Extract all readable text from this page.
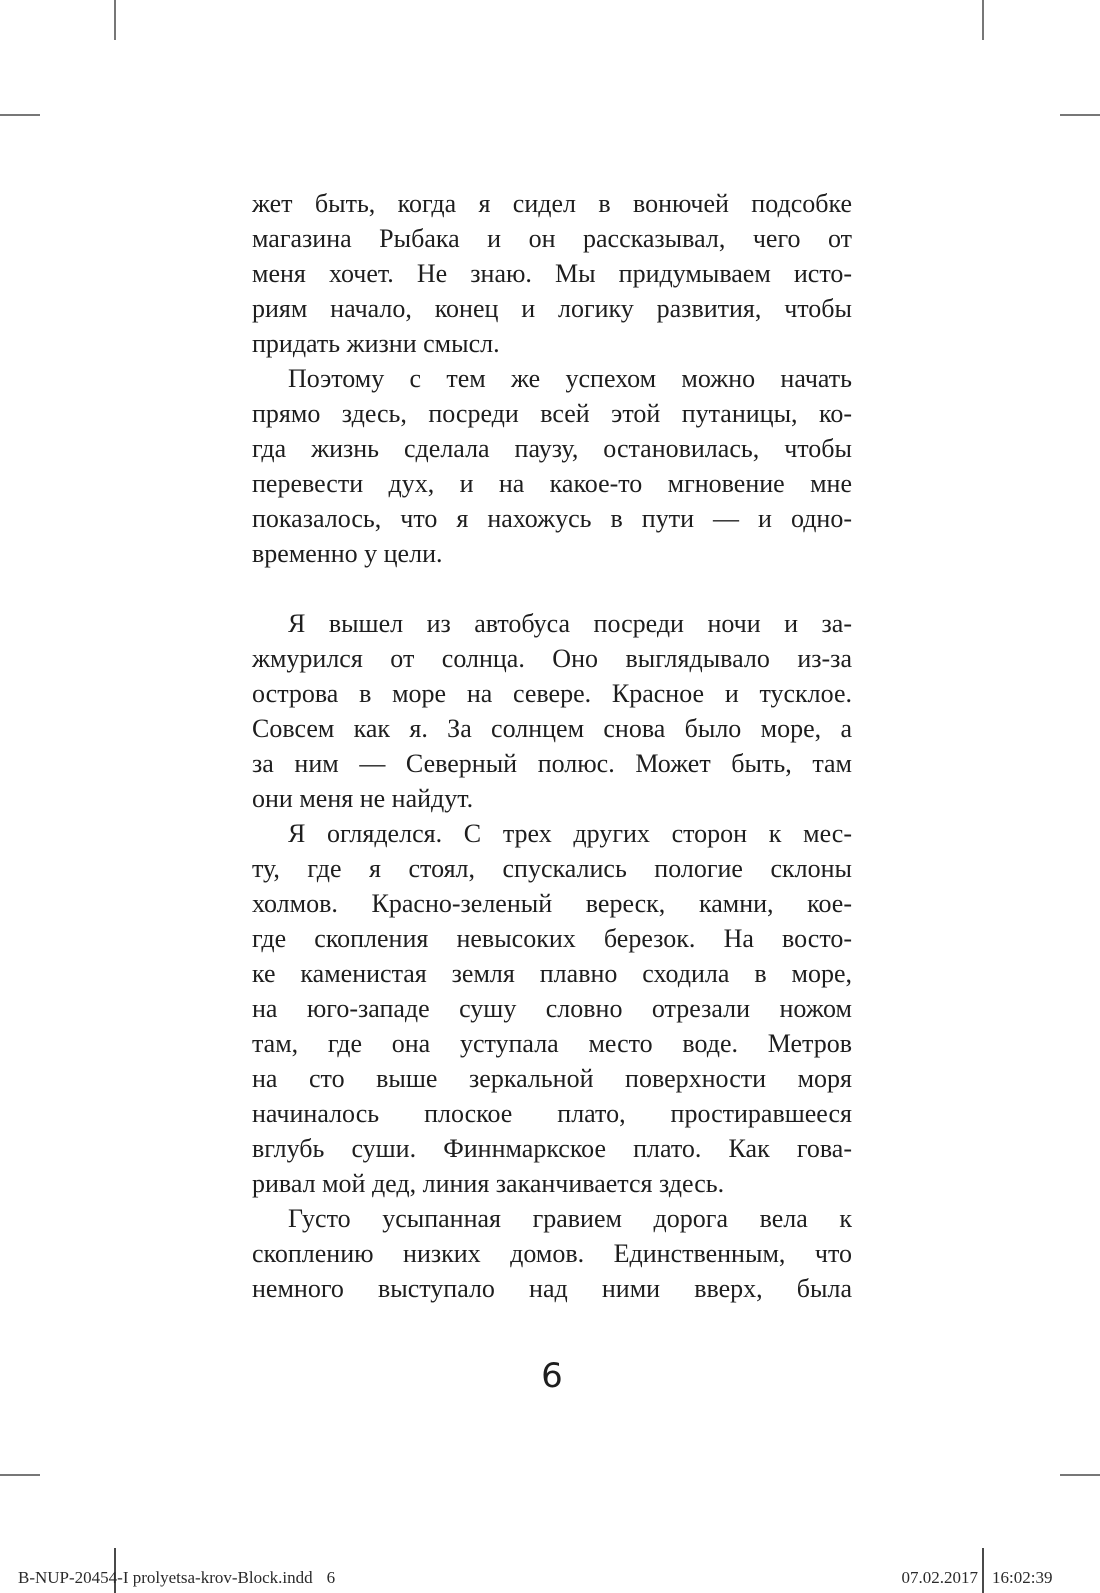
жет быть, когда я сидел в вонючей подсобке
магазина Рыбака и он рассказывал, чего от
меня хочет. Не знаю. Мы придумываем исто-
риям начало, конец и логику развития, чтобы
придать жизни смысл.
Поэтому с тем же успехом можно начать
прямо здесь, посреди всей этой путаницы, ко-
гда жизнь сделала паузу, остановилась, чтобы
перевести дух, и на какое-то мгновение мне
показалось, что я нахожусь в пути — и одно-
временно у цели.
Я вышел из автобуса посреди ночи и за-
жмурился от солнца. Оно выглядывало из-за
острова в море на севере. Красное и тусклое.
Совсем как я. За солнцем снова было море, а
за ним — Северный полюс. Может быть, там
они меня не найдут.
Я огляделся. С трех других сторон к мес-
ту, где я стоял, спускались пологие склоны
холмов. Красно-зеленый вереск, камни, кое-
где скопления невысоких березок. На восто-
ке каменистая земля плавно сходила в море,
на юго-западе сушу словно отрезали ножом
там, где она уступала место воде. Метров
на сто выше зеркальной поверхности моря
начиналось плоское плато, простиравшееся
вглубь суши. Финнмаркское плато. Как гова-
ривал мой дед, линия заканчивается здесь.
Густо усыпанная гравием дорога вела к
скоплению низких домов. Единственным, что
немного выступало над ними вверх, была
6
B-NUP-20454-I prolyetsa-krov-Block.indd 6	07.02.2017 16:02:39
